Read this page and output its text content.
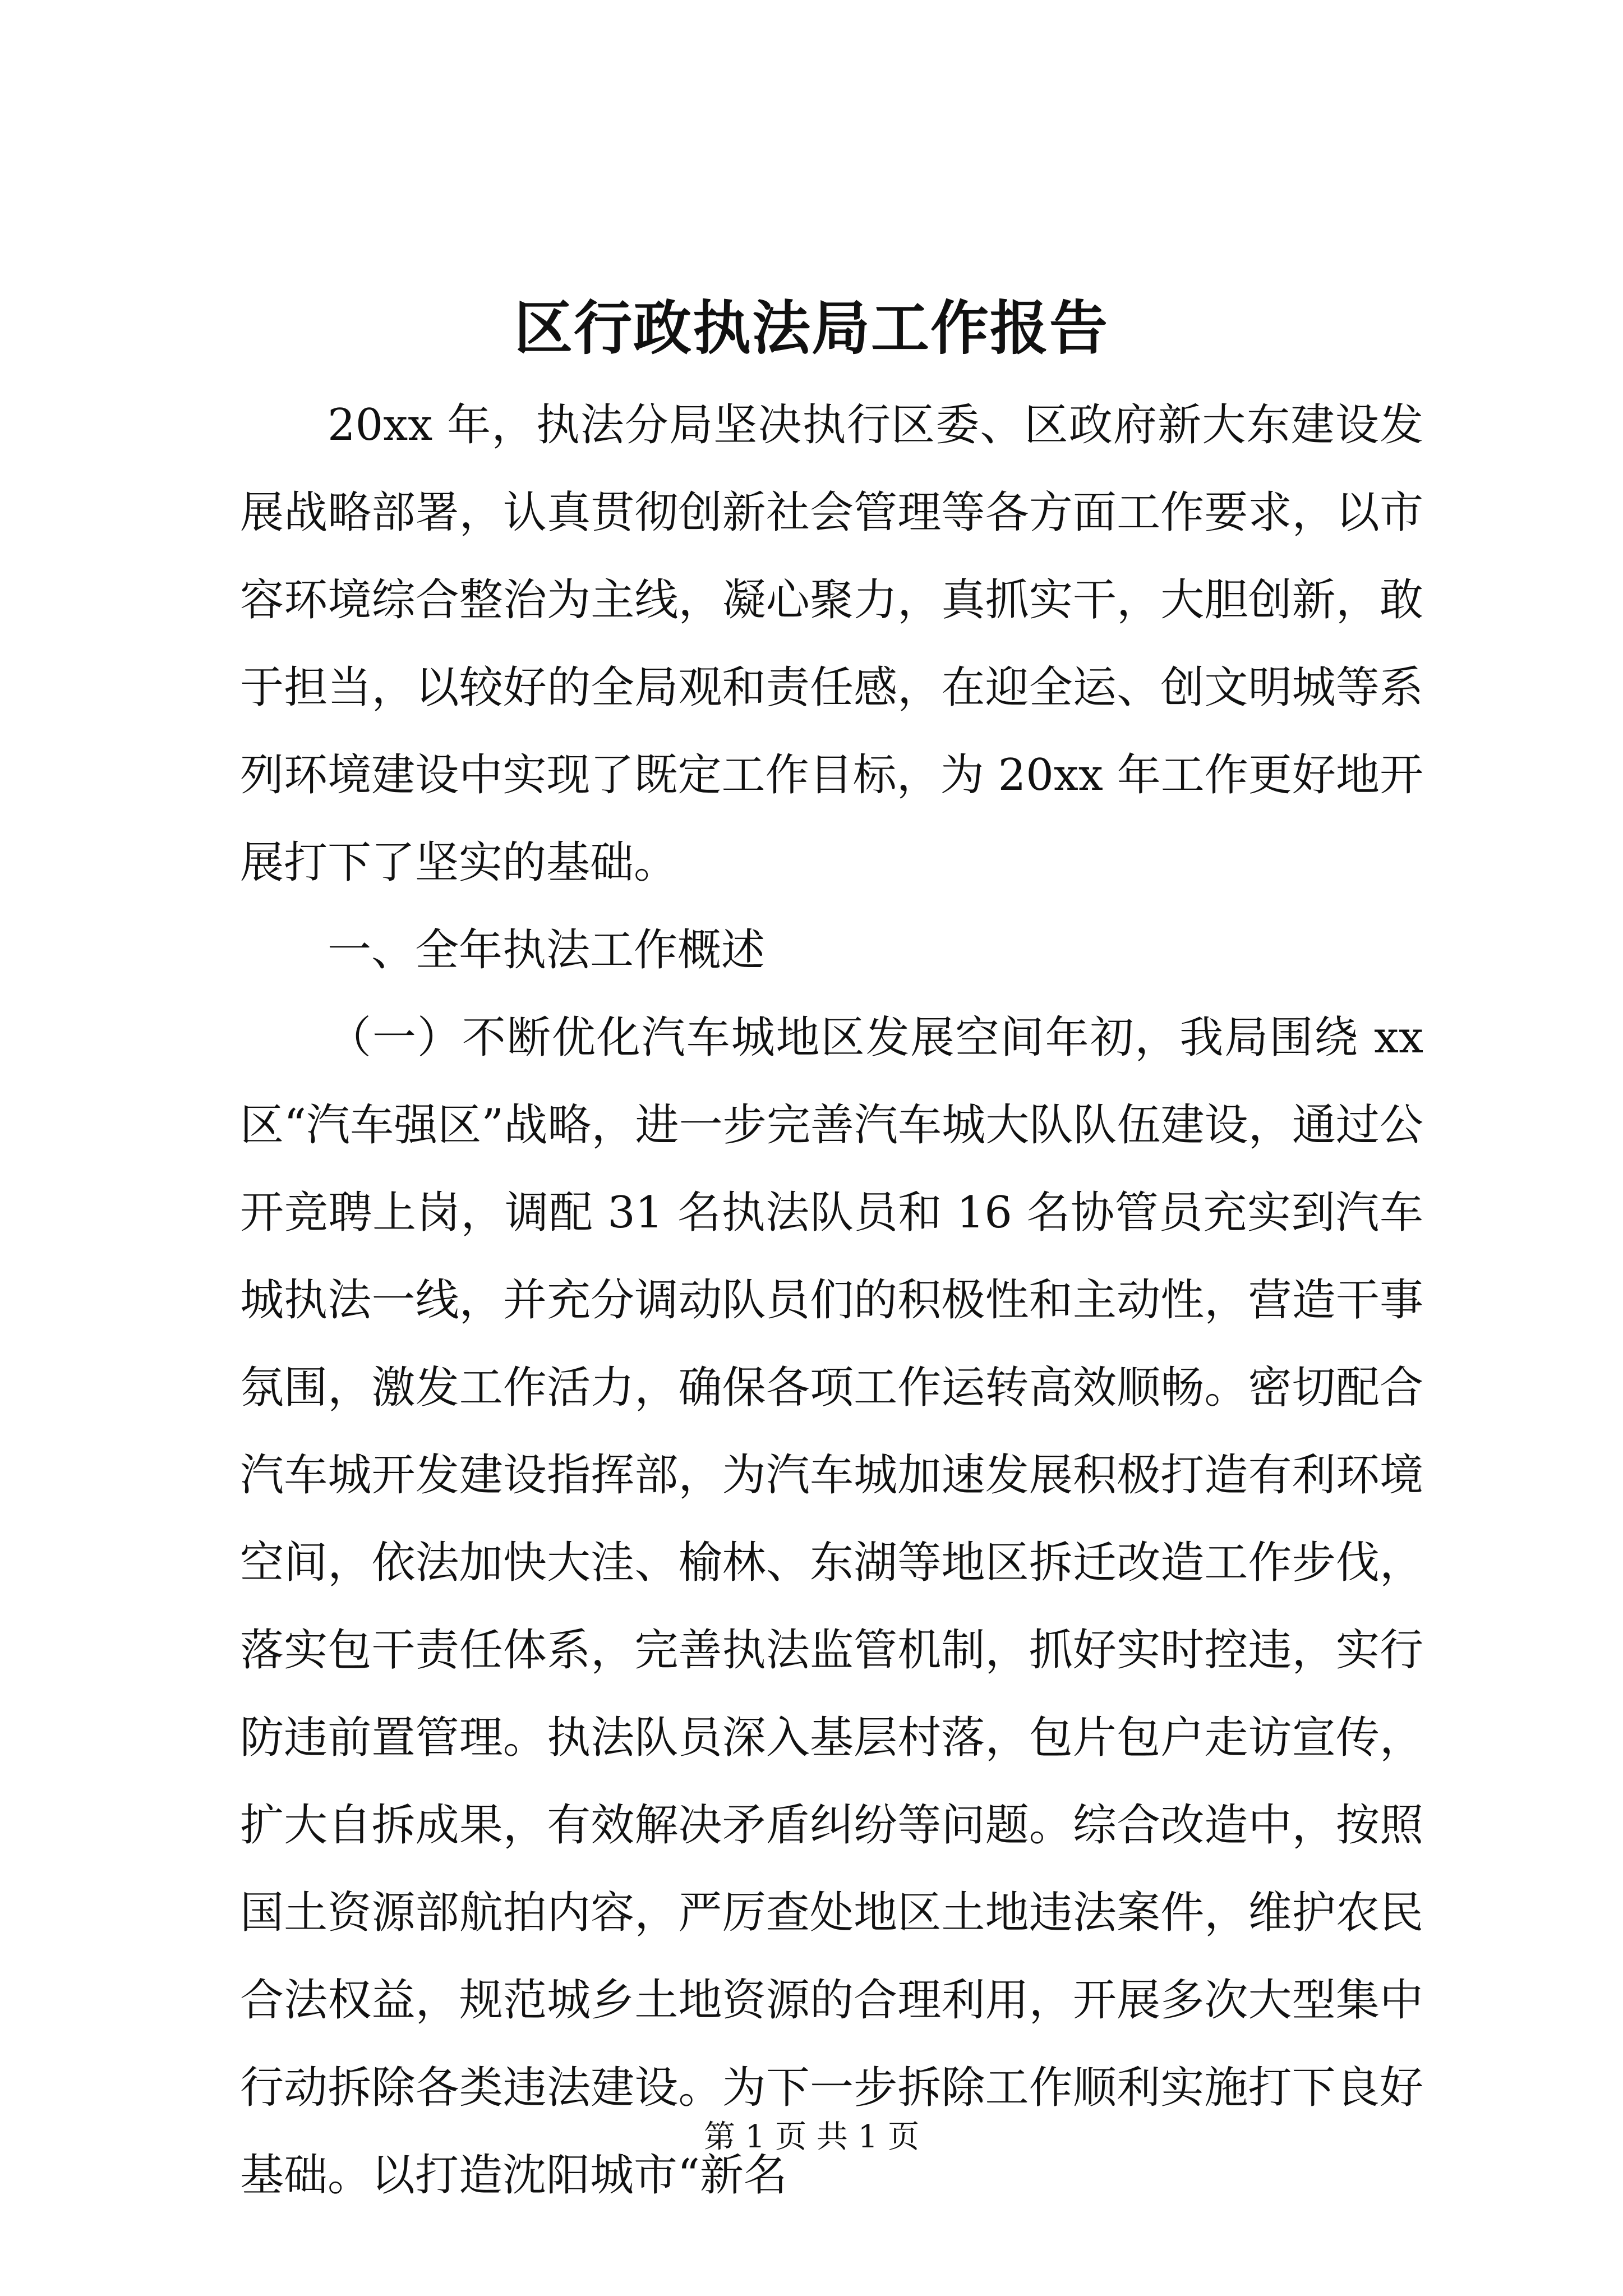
区行政执法局工作报告

20xx 年，执法分局坚决执行区委、区政府新大东建设发展战略部署，认真贯彻创新社会管理等各方面工作要求，以市容环境综合整治为主线，凝心聚力，真抓实干，大胆创新，敢于担当，以较好的全局观和责任感，在迎全运、创文明城等系列环境建设中实现了既定工作目标，为 20xx 年工作更好地开展打下了坚实的基础。

一、全年执法工作概述

（一）不断优化汽车城地区发展空间年初，我局围绕 xx 区“汽车强区”战略，进一步完善汽车城大队队伍建设，通过公开竞聘上岗，调配 31 名执法队员和 16 名协管员充实到汽车城执法一线，并充分调动队员们的积极性和主动性，营造干事氛围，激发工作活力，确保各项工作运转高效顺畅。密切配合汽车城开发建设指挥部，为汽车城加速发展积极打造有利环境空间，依法加快大洼、榆林、东湖等地区拆迁改造工作步伐，落实包干责任体系，完善执法监管机制，抓好实时控违，实行防违前置管理。执法队员深入基层村落，包片包户走访宣传，扩大自拆成果，有效解决矛盾纠纷等问题。综合改造中，按照国土资源部航拍内容，严厉查处地区土地违法案件，维护农民合法权益，规范城乡土地资源的合理利用，开展多次大型集中行动拆除各类违法建设。为下一步拆除工作顺利实施打下良好基础。以打造沈阳城市“新名

第 1 页 共 1 页
